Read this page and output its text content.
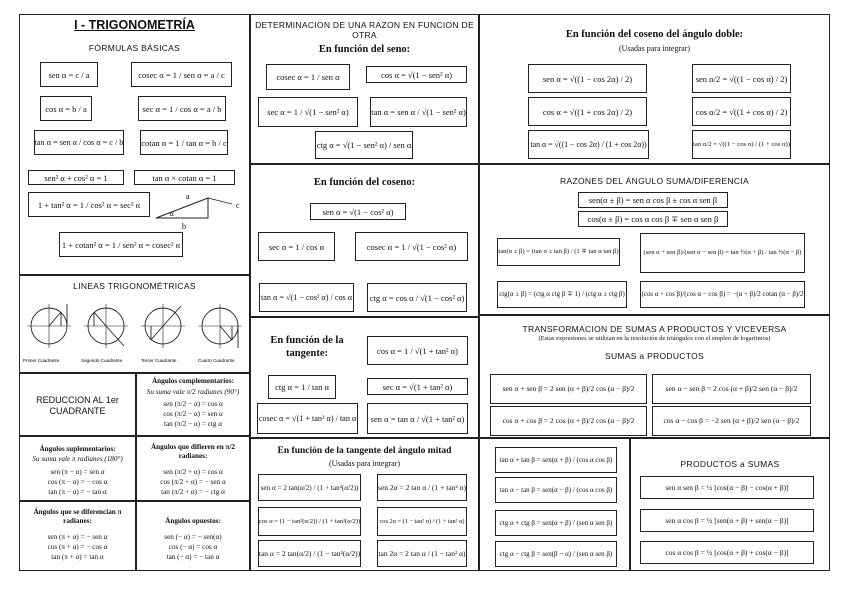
I - TRIGONOMETRÍA
FÓRMULAS BÁSICAS
sen α = c / a	cosec α = 1 / sen α = a / c
cos α = b / a	sec α = 1 / cos α = a / b
tan α = sen α / cos α = c / b cotan α = 1 / tan α = b / c
sen² α + cos² α = 1	tan α × cotan α = 1
1 + tan² α = 1 / cos² α = sec² α
1 + cotan² α = 1 / sen² α = cosec² α
a
c
b
α
LINEAS TRIGONOMÉTRICAS
Primer Cuadrante	Segundo Cuadrante	Tercer Cuadrante	Cuarto Cuadrante
REDUCCION AL 1er CUADRANTE
Ángulos complementarios:
Su suma vale π/2 radianes (90°)
sen (π/2 − α) = cos α
cos (π/2 − α) = sen α
tan (π/2 − α) = ctg α
Ángulos suplementarios:
Su suma vale π radianes (180°)
sen (π − α) = sen α
cos (π − α) = − cos α
tan (π − α) = − tan α
Ángulos que difieren en π/2 radianes:
sen (π/2 + α) = cos α
cos (π/2 + α) = − sen α
tan (π/2 + α) = − ctg α
Ángulos que se diferencian π radianes:
sen (π + α) = − sen α
cos (π + α) = − cos α
tan (π + α) = tan α
Ángulos opuestos:
sen (− α) = − sen(α)
cos (− α) = cos α
tan (− α) = − tan α
DETERMINACION DE UNA RAZON EN FUNCION DE OTRA
En función del seno:
cosec α = 1 / sen α	cos α = √(1 − sen² α)
sec α = 1 / √(1 − sen² α)	tan α = sen α / √(1 − sen² α)
ctg α = √(1 − sen² α) / sen α
En función del coseno:
sen α = √(1 − cos² α)
sec α = 1 / cos α	cosec α = 1 / √(1 − cos² α)
tan α = √(1 − cos² α) / cos α	ctg α = cos α / √(1 − cos² α)
En función de la tangente:	cos α = 1 / √(1 + tan² α)
ctg α = 1 / tan α	sec α = √(1 + tan² α)
cosec α = √(1 + tan² α) / tan α	sen α = tan α / √(1 + tan² α)
En función de la tangente del ángulo mitad
(Usadas para integrar)
sen α = 2 tan(α/2) / (1 + tan²(α/2))	sen 2α = 2 tan α / (1 + tan² α)
cos α = (1 − tan²(α/2)) / (1 + tan²(α/2))	cos 2α = (1 − tan² α) / (1 + tan² α)
tan α = 2 tan(α/2) / (1 − tan²(α/2)) tan 2α = 2 tan α / (1 − tan² α)
En función del coseno del ángulo doble:
(Usadas para integrar)
sen α = √((1 − cos 2α) / 2)	sen α/2 = √((1 − cos α) / 2)
cos α = √((1 + cos 2α) / 2)	cos α/2 = √((1 + cos α) / 2)
tan α = √((1 − cos 2α) / (1 + cos 2α))	tan α/2 = √((1 − cos α) / (1 + cos α))
RAZONES DEL ÁNGULO SUMA/DIFERENCIA
sen(α ± β) = sen α cos β ± cos α sen β
cos(α ± β) = cos α cos β ∓ sen α sen β
tan(α ± β) = (tan α ± tan β) / (1 ∓ tan α tan β)	(sen α + sen β)/(sen α − sen β) = tan ½(α + β) / tan ½(α − β)
ctg(α ± β) = (ctg α ctg β ∓ 1) / (ctg α ± ctg β)	(cos α + cos β)/(cos α − cos β) = −(α + β)/2 cotan (α − β)/2
TRANSFORMACION DE SUMAS A PRODUCTOS Y VICEVERSA
(Estas expresiones se utilizan en la resolución de triángulos con el empleo de logaritmos)
SUMAS a PRODUCTOS
sen α + sen β = 2 sen (α + β)/2 cos (α − β)/2	sen α − sen β = 2 cos (α + β)/2 sen (α − β)/2
cos α + cos β = 2 cos (α + β)/2 cos (α − β)/2	cos α − cos β = −2 sen (α + β)/2 sen (α − β)/2
tan α + tan β = sen(α + β) / (cos α cos β)
tan α − tan β = sen(α − β) / (cos α cos β)
ctg α + ctg β = sen(α + β) / (sen α sen β)
ctg α − ctg β = sen(β − α) / (sen α sen β)
PRODUCTOS a SUMAS
sen α sen β = ½ [cos(α − β) − cos(α + β)]
sen α cos β = ½ [sen(α + β) + sen(α − β)]
cos α cos β = ½ [cos(α + β) + cos(α − β)]
